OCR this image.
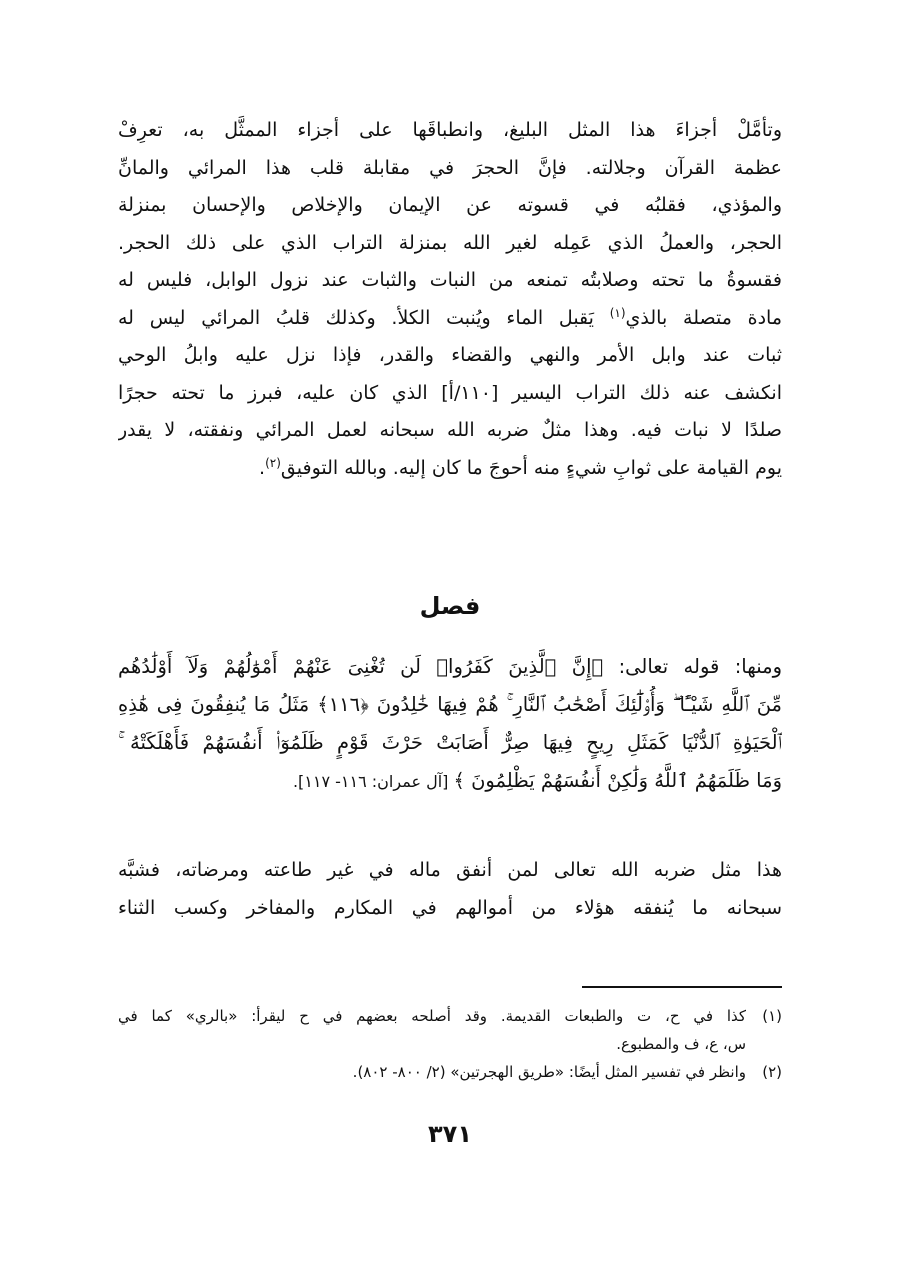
وتأمَّلْ أجزاءَ هذا المثل البليغ، وانطباقَها على أجزاء الممثَّل به، تعرِفْ
عظمة القرآن وجلالته. فإنَّ الحجرَ في مقابلة قلب هذا المرائي والمانِّ
والمؤذي، فقلبُه في قسوته عن الإيمان والإخلاص والإحسان بمنزلة
الحجر، والعملُ الذي عَمِله لغير الله بمنزلة التراب الذي على ذلك الحجر.
فقسوةُ ما تحته وصلابتُه تمنعه من النبات والثبات عند نزول الوابل، فليس له
مادة متصلة بالذي$^{(١)}$ يَقبل الماء ويُنبت الكلأ. وكذلك قلبُ المرائي ليس له
ثبات عند وابل الأمر والنهي والقضاء والقدر، فإذا نزل عليه وابلُ الوحي
انكشف عنه ذلك التراب اليسير [١١٠/أ] الذي كان عليه، فبرز ما تحته حجرًا
صلدًا لا نبات فيه. وهذا مثلٌ ضربه الله سبحانه لعمل المرائي ونفقته، لا يقدر
يوم القيامة على ثوابِ شيءٍ منه أحوجَ ما كان إليه. وبالله التوفيق$^{(٢)}$.
فصل
ومنها: قوله تعالى: ﴿إِنَّ ٱلَّذِينَ كَفَرُوا۟ لَن تُغْنِىَ عَنْهُمْ أَمْوَٰلُهُمْ وَلَآ أَوْلَٰدُهُم
مِّنَ ٱللَّهِ شَيْـًٔا ۖ وَأُو۟لَٰٓئِكَ أَصْحَٰبُ ٱلنَّارِ ۚ هُمْ فِيهَا خَٰلِدُونَ ﴿١١٦﴾ مَثَلُ مَا يُنفِقُونَ فِى هَٰذِهِ
ٱلْحَيَوٰةِ ٱلدُّنْيَا كَمَثَلِ رِيحٍ فِيهَا صِرٌّ أَصَابَتْ حَرْثَ قَوْمٍ ظَلَمُوٓا۟ أَنفُسَهُمْ فَأَهْلَكَتْهُ ۚ
وَمَا ظَلَمَهُمُ ٱللَّهُ وَلَٰكِنْ أَنفُسَهُمْ يَظْلِمُونَ ﴾ [آل عمران: ١١٦- ١١٧].
هذا مثل ضربه الله تعالى لمن أنفق ماله في غير طاعته ومرضاته، فشبَّه
سبحانه ما يُنفقه هؤلاء من أموالهم في المكارم والمفاخر وكسب الثناء
(١)
كذا في ح، ت والطبعات القديمة. وقد أصلحه بعضهم في ح ليقرأ: «بالري» كما في
س، ع، ف والمطبوع.
(٢)
وانظر في تفسير المثل أيضًا: «طريق الهجرتين» (٢/ ٨٠٠- ٨٠٢).
٣٧١
